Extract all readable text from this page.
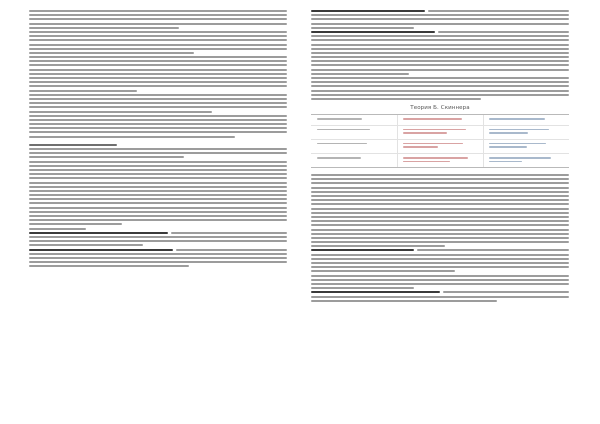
Теория Б. Скиннера
